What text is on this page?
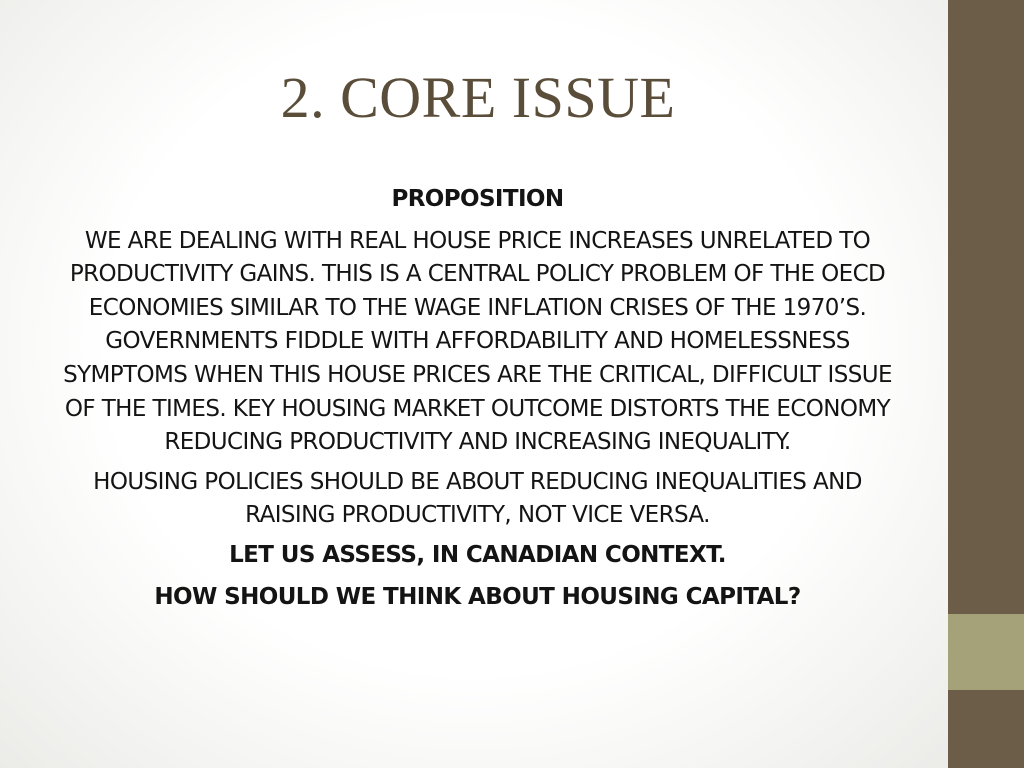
2. CORE ISSUE

PROPOSITION

WE ARE DEALING WITH REAL HOUSE PRICE INCREASES UNRELATED TO PRODUCTIVITY GAINS. THIS IS A CENTRAL POLICY PROBLEM OF THE OECD ECONOMIES SIMILAR TO THE WAGE INFLATION CRISES OF THE 1970’S. GOVERNMENTS FIDDLE WITH AFFORDABILITY AND HOMELESSNESS SYMPTOMS WHEN THIS HOUSE PRICES ARE THE CRITICAL, DIFFICULT ISSUE OF THE TIMES. KEY HOUSING MARKET OUTCOME DISTORTS THE ECONOMY REDUCING PRODUCTIVITY AND INCREASING INEQUALITY.

HOUSING POLICIES SHOULD BE ABOUT REDUCING INEQUALITIES AND RAISING PRODUCTIVITY, NOT VICE VERSA.

LET US ASSESS, IN CANADIAN CONTEXT.

HOW SHOULD WE THINK ABOUT HOUSING CAPITAL?
